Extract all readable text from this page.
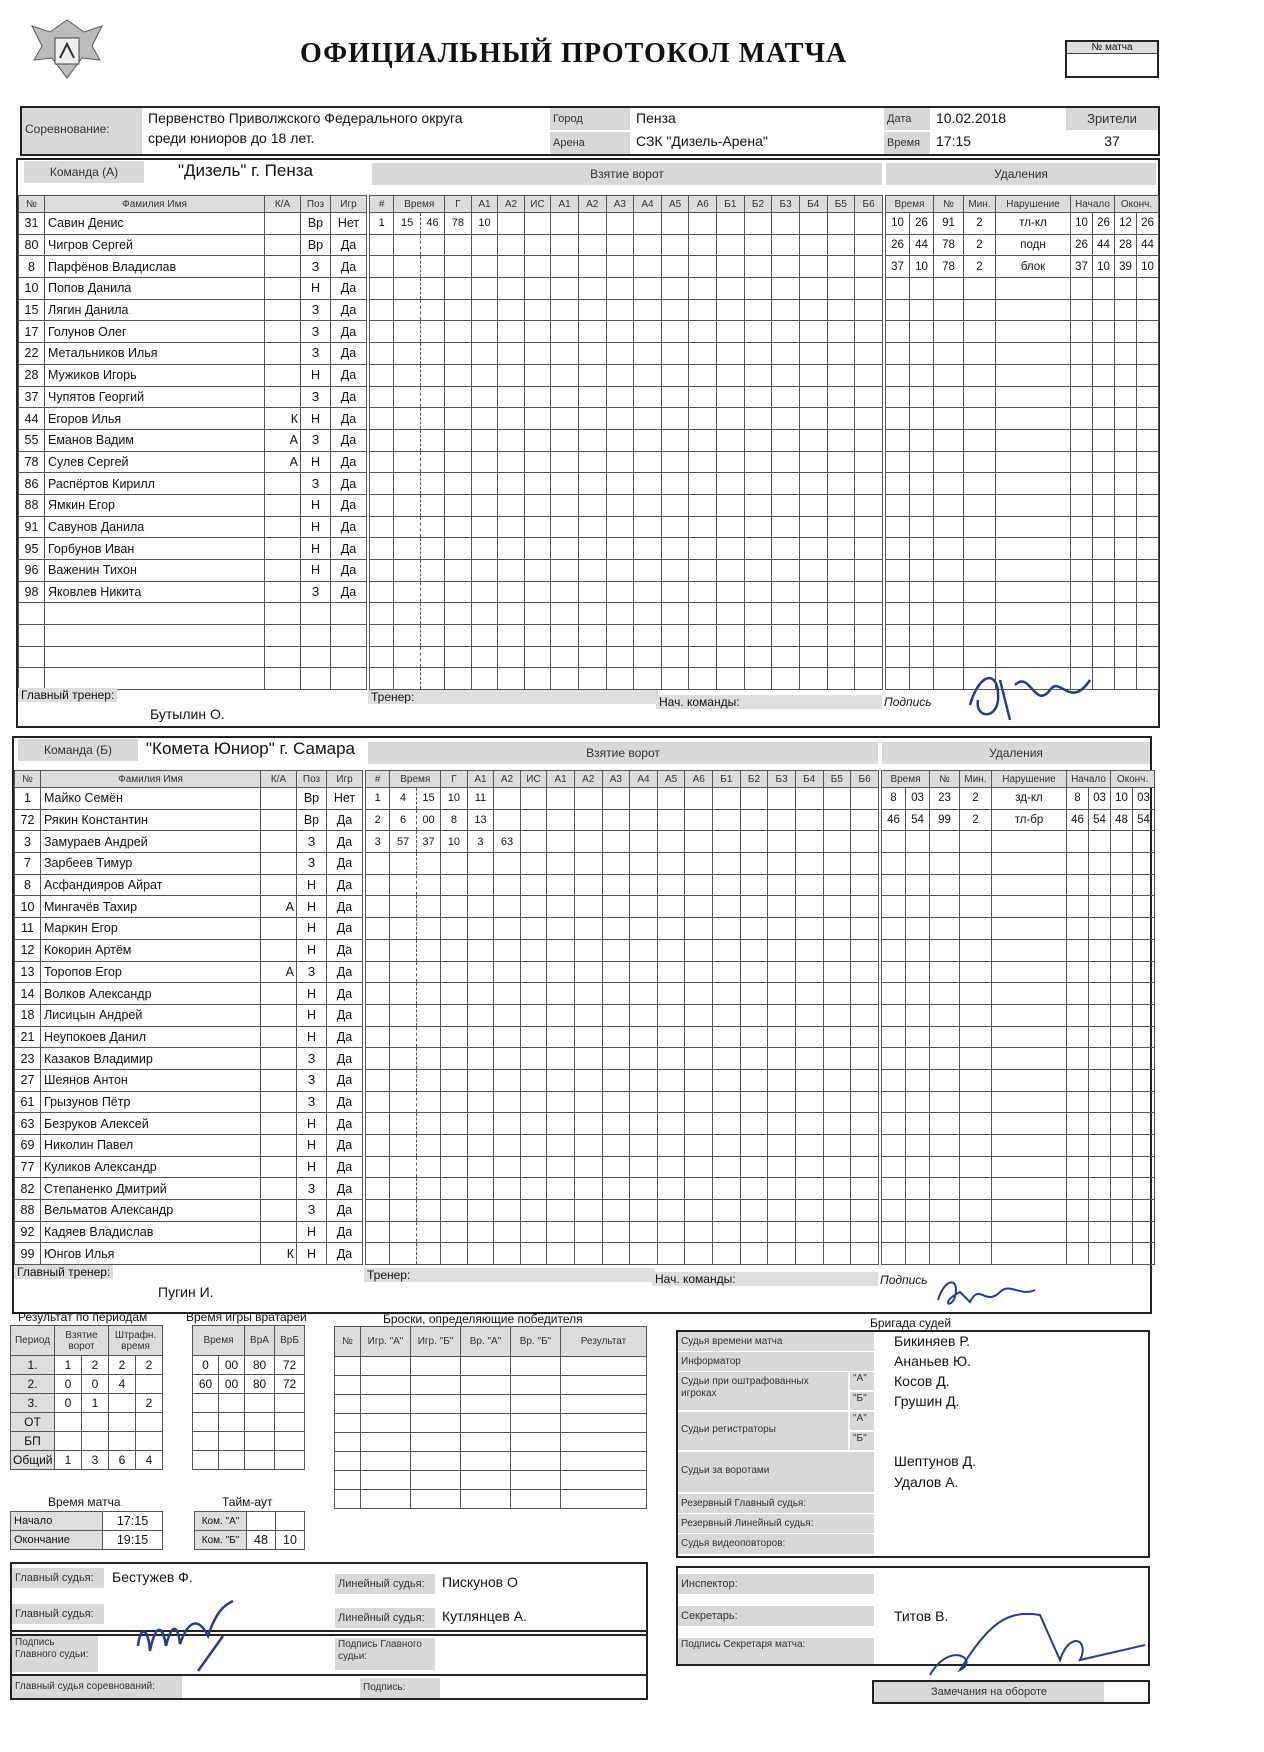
ОФИЦИАЛЬНЫЙ ПРОТОКОЛ МАТЧА	№ матча
Соревнование:
Первенство Приволжского Федерального округа
среди юниоров до 18 лет.
Город	Пенза
Арена	СЗК "Дизель-Арена"
Дата	10.02.2018
Время	17:15
Зрители
37
Команда (А)	"Дизель" г. Пенза	Взятие ворот	Удаления
№	Фамилия Имя	К/А	Поз	Игр
31	Савин Денис		Вр	Нет
80	Чигров Сергей		Вр	Да
8	Парфёнов Владислав		З	Да
10	Попов Данила		Н	Да
15	Лягин Данила		З	Да
17	Голунов Олег		З	Да
22	Метальников Илья		З	Да
28	Мужиков Игорь		Н	Да
37	Чупятов Георгий		З	Да
44	Егоров Илья	К	Н	Да
55	Еманов Вадим	А	З	Да
78	Сулев Сергей	А	Н	Да
86	Распёртов Кирилл		З	Да
88	Ямкин Егор		Н	Да
91	Савунов Данила		Н	Да
95	Горбунов Иван		Н	Да
96	Важенин Тихон		Н	Да
98	Яковлев Никита		З	Да

#	Время		Г	А1	А2	ИС	А1	А2	А3	А4	А5	А6	Б1	Б2	Б3	Б4	Б5	Б6
1	15	46	78	10														

Время		№	Мин.	Нарушение	Начало		Оконч.	
10	26	91	2	тл-кл	10	26	12	26
26	44	78	2	подн	26	44	28	44
37	10	78	2	блок	37	10	39	10

Главный тренер:
Бутылин О.
Тренер:	Нач. команды:	Подпись
Команда (Б)	"Комета Юниор" г. Самара	Взятие ворот	Удаления
№	Фамилия Имя	К/А	Поз	Игр
1	Майко Семён		Вр	Нет
72	Рякин Константин		Вр	Да
3	Замураев Андрей		З	Да
7	Зарбеев Тимур		З	Да
8	Асфандияров Айрат		Н	Да
10	Мингачёв Тахир	А	Н	Да
11	Маркин Егор		Н	Да
12	Кокорин Артём		Н	Да
13	Торопов Егор	А	З	Да
14	Волков Александр		Н	Да
18	Лисицын Андрей		Н	Да
21	Неупокоев Данил		Н	Да
23	Казаков Владимир		З	Да
27	Шеянов Антон		З	Да
61	Грызунов Пётр		З	Да
63	Безруков Алексей		Н	Да
69	Николин Павел		Н	Да
77	Куликов Александр		Н	Да
82	Степаненко Дмитрий		З	Да
88	Вельматов Александр		З	Да
92	Кадяев Владислав		Н	Да
99	Юнгов Илья	К	Н	Да
#	Время		Г	А1	А2	ИС	А1	А2	А3	А4	А5	А6	Б1	Б2	Б3	Б4	Б5	Б6
1	4	15	10	11														
2	6	00	8	13														
3	57	37	10	3	63													

Время		№	Мин.	Нарушение	Начало		Оконч.	
8	03	23	2	зд-кл	8	03	10	03
46	54	99	2	тл-бр	46	54	48	54

Главный тренер:
Пугин И.
Тренер:	Нач. команды:	Подпись
Результат по периодам
Период	Взятие ворот		Штрафн. время	
1.	1	2	2	2
2.	0	0	4	
3.	0	1		2
ОТ				
БП				
Общий	1	3	6	4
Время игры вратарей
Время		ВрА	ВрБ
0	00	80	72
60	00	80	72

Броски, определяющие победителя
№	Игр. "А"	Игр. "Б"	Вр. "А"	Вр. "Б"	Результат

Время матча
Начало	17:15
Окончание	19:15
Тайм-аут
Ком. "А"		
Ком. "Б"	48	10
Бригада судей
Судья времени матча	Бикиняев Р.
Информатор	Ананьев Ю.
Судьи при оштрафованных игроках
"А"	Косов Д.
"Б"	Грушин Д.
Судьи регистраторы
"А"
"Б"
Судьи за воротами
Шептунов Д.
Удалов А.
Резервный Главный судья:
Резервный Линейный судья:
Судья видеоповторов:
Главный судья:	Бестужев Ф.
Главный судья:
Линейный судья:	Пискунов О
Линейный судья:	Кутлянцев А.
Подпись Главного судьи:
Подпись Главного судьи:
Главный судья соревнований:	Подпись:
Инспектор:
Секретарь:	Титов В.
Подпись Секретаря матча:
Замечания на обороте
